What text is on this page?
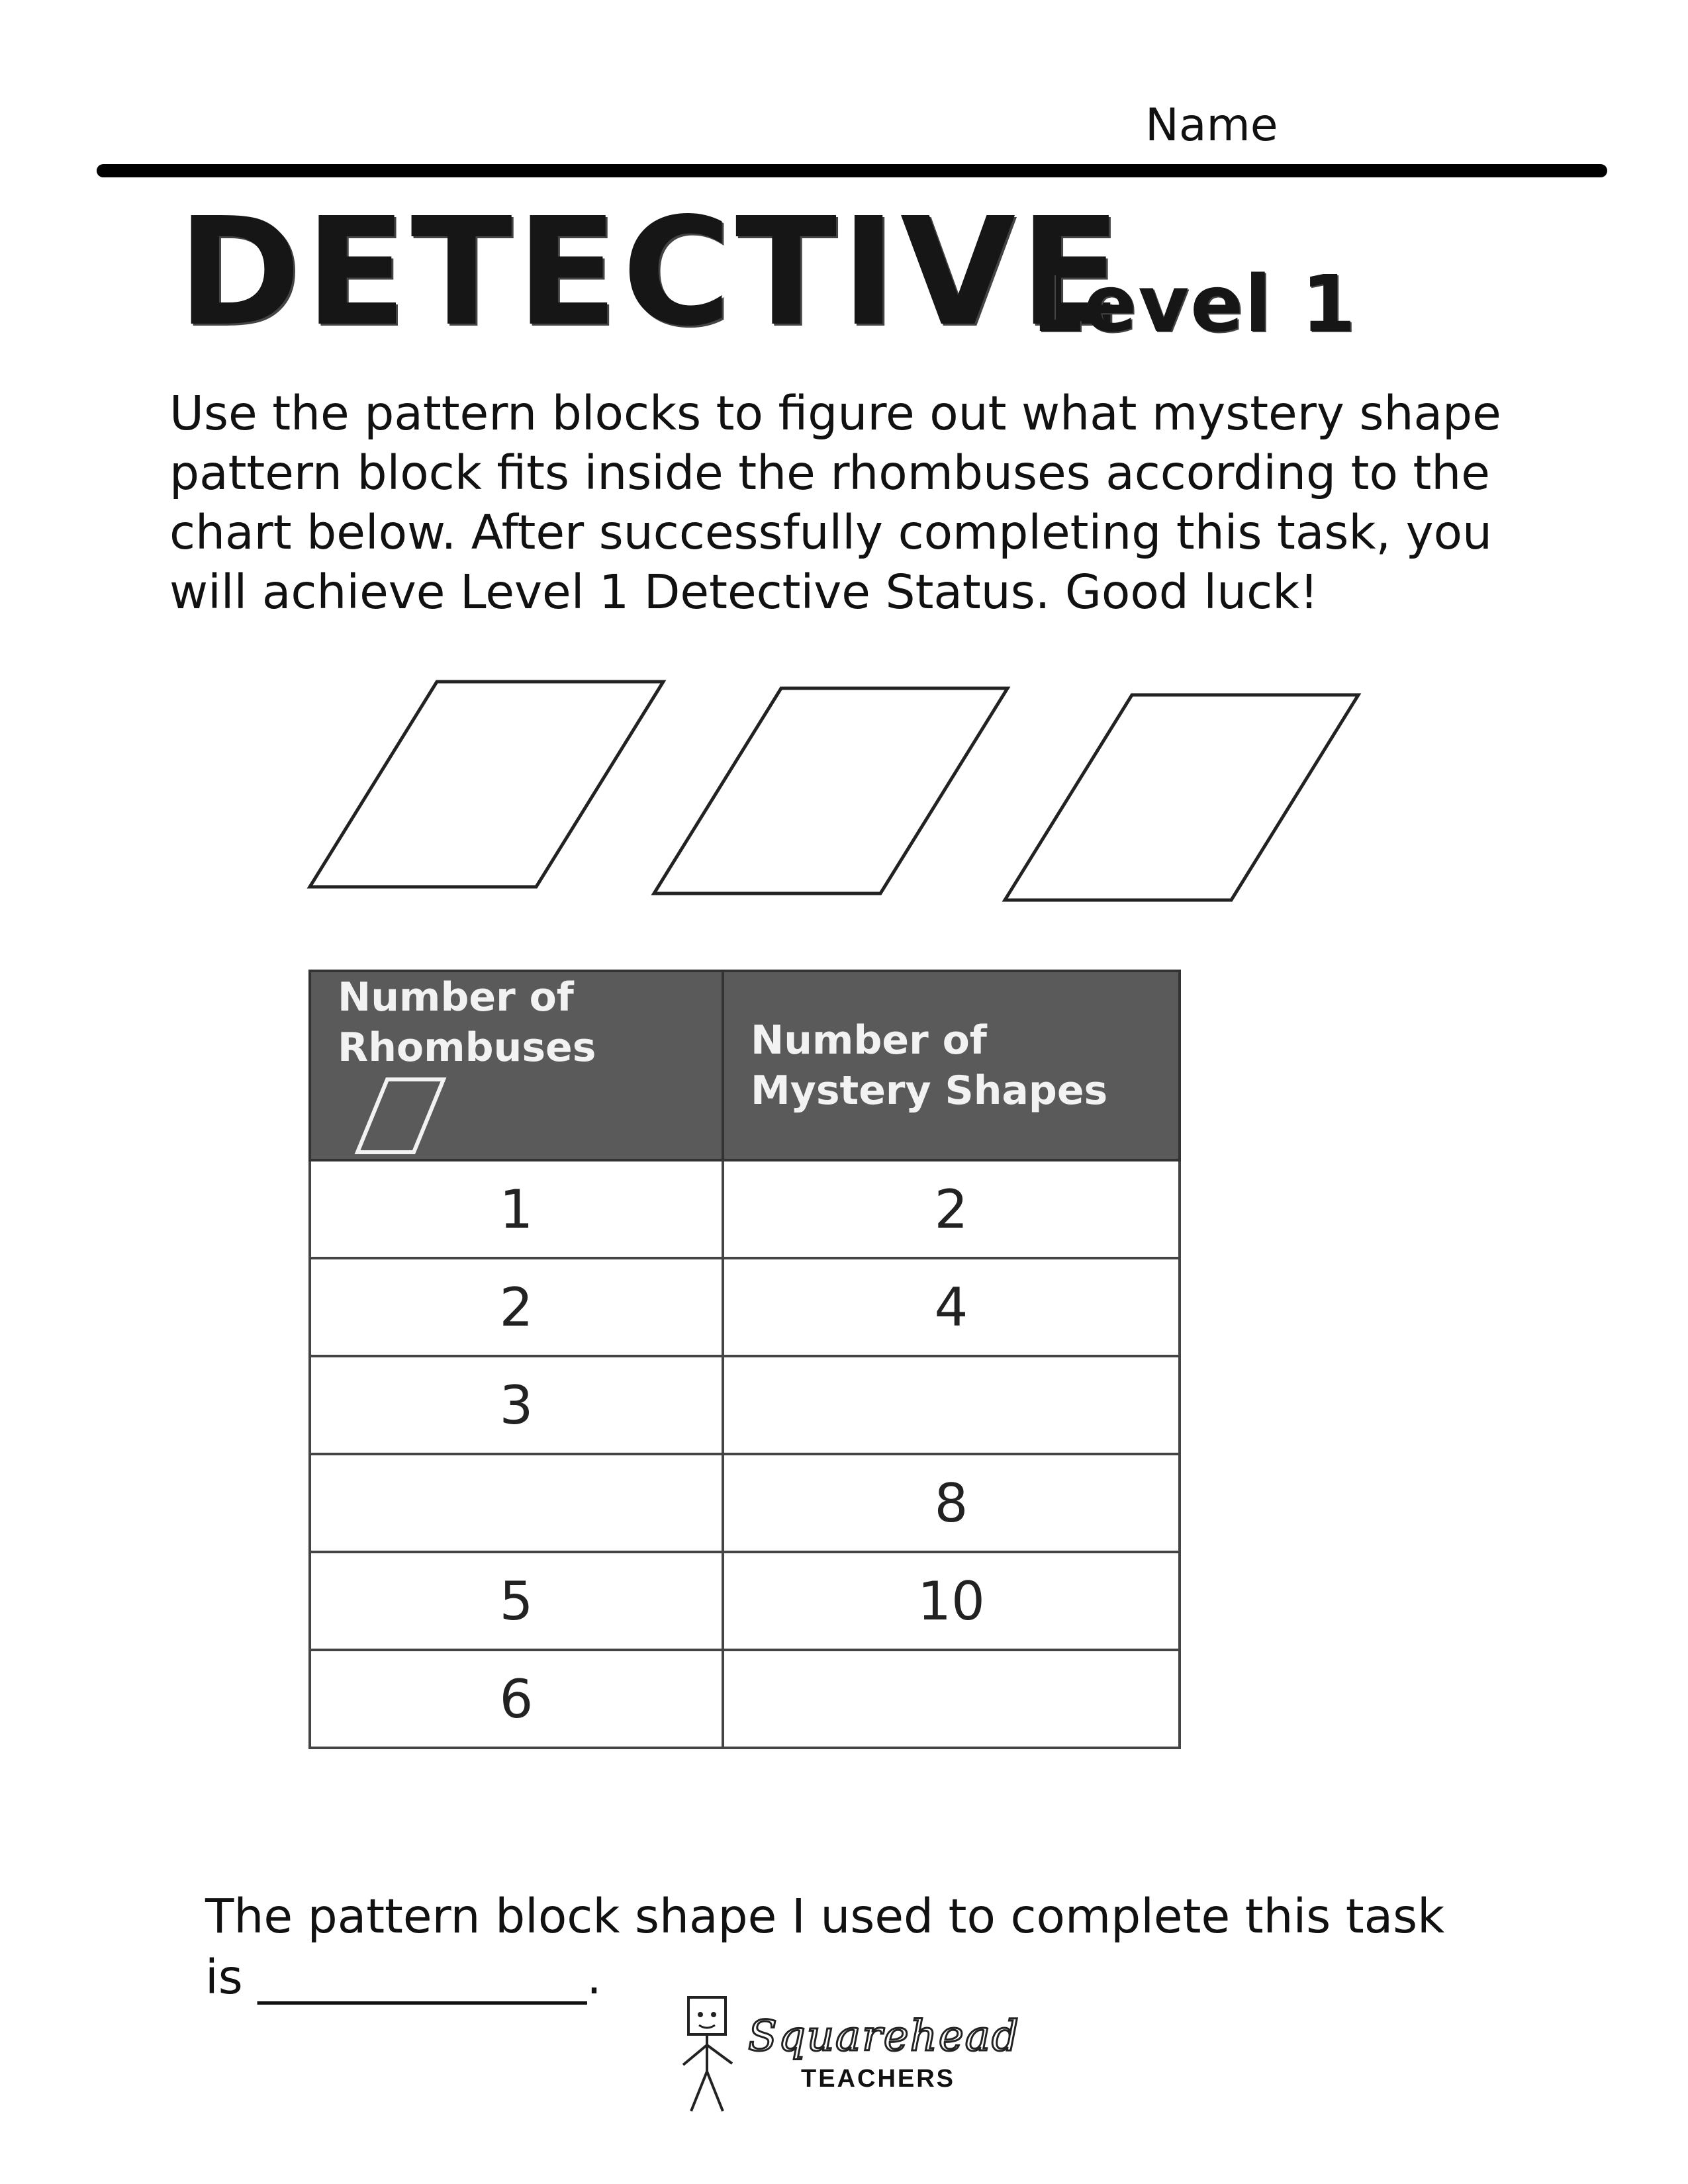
Name
DETECTIVE
Level 1

Use the pattern blocks to figure out what mystery shape pattern block fits inside the rhombuses according to the chart below. After successfully completing this task, you will achieve Level 1 Detective Status. Good luck!

Number of
Rhombuses	Number of
Mystery Shapes
1	2
2	4
3	
	8
5	10
6	
The pattern block shape I used to complete this task
is ______________.
Squarehead
TEACHERS
